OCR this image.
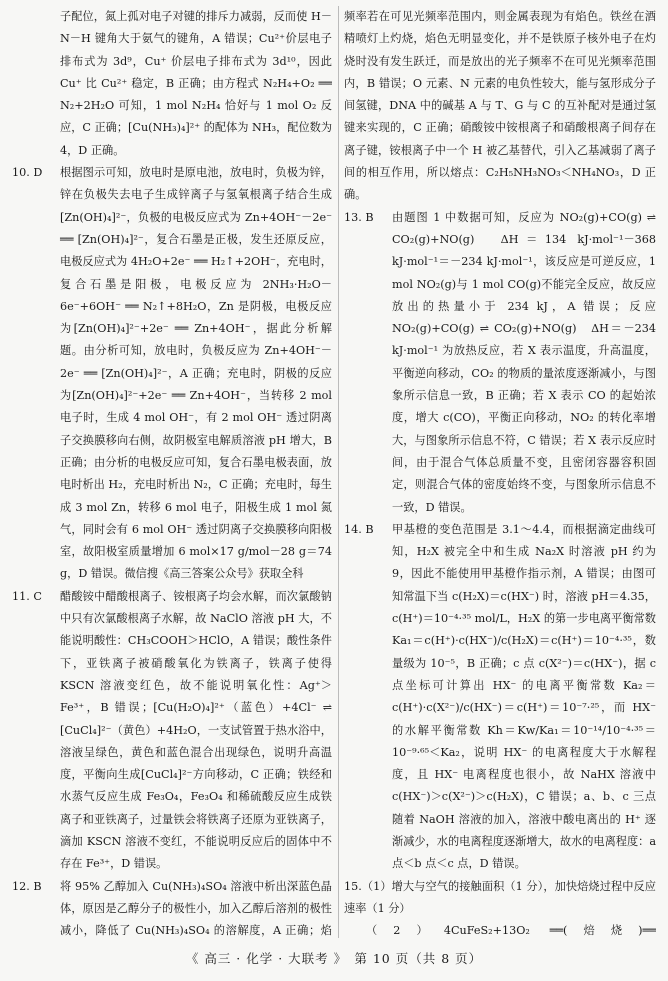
子配位，氮上孤对电子对键的排斥力减弱，反而使 H－N－H 键角大于氨气的键角，A 错误；Cu²⁺价层电子排布式为 3d⁹，Cu⁺ 价层电子排布式为 3d¹⁰，因此 Cu⁺ 比 Cu²⁺ 稳定，B 正确；由方程式 N₂H₄+O₂ ══ N₂+2H₂O 可知，1 mol N₂H₄ 恰好与 1 mol O₂ 反应，C 正确；[Cu(NH₃)₄]²⁺ 的配体为 NH₃，配位数为 4，D 正确。
10. D	根据图示可知，放电时是原电池，放电时，负极为锌，锌在负极失去电子生成锌离子与氢氧根离子结合生成[Zn(OH)₄]²⁻，负极的电极反应式为 Zn+4OH⁻－2e⁻ ══ [Zn(OH)₄]²⁻，复合石墨是正极，发生还原反应，电极反应式为 4H₂O+2e⁻ ══ H₂↑+2OH⁻，充电时，复合石墨是阳极，电极反应为 2NH₃·H₂O－6e⁻+6OH⁻ ══ N₂↑+8H₂O，Zn 是阴极，电极反应为[Zn(OH)₄]²⁻+2e⁻ ══ Zn+4OH⁻，据此分析解题。由分析可知，放电时，负极反应为 Zn+4OH⁻－2e⁻ ══ [Zn(OH)₄]²⁻，A 正确；充电时，阴极的反应为[Zn(OH)₄]²⁻+2e⁻ ══ Zn+4OH⁻，当转移 2 mol 电子时，生成 4 mol OH⁻，有 2 mol OH⁻ 透过阴离子交换膜移向右侧，故阴极室电解质溶液 pH 增大，B 正确；由分析的电极反应可知，复合石墨电极表面，放电时析出 H₂，充电时析出 N₂，C 正确；充电时，每生成 3 mol Zn，转移 6 mol 电子，阳极生成 1 mol 氮气，同时会有 6 mol OH⁻ 透过阴离子交换膜移向阳极室，故阳极室质量增加 6 mol×17 g/mol－28 g＝74 g，D 错误。微信搜《高三答案公众号》获取全科
11. C	醋酸铵中醋酸根离子、铵根离子均会水解，而次氯酸钠中只有次氯酸根离子水解，故 NaClO 溶液 pH 大，不能说明酸性：CH₃COOH＞HClO，A 错误；酸性条件下，亚铁离子被硝酸氧化为铁离子，铁离子使得 KSCN 溶液变红色，故不能说明氧化性：Ag⁺＞Fe³⁺，B 错误；[Cu(H₂O)₄]²⁺（蓝色）+4Cl⁻ ⇌ [CuCl₄]²⁻（黄色）+4H₂O，一支试管置于热水浴中，溶液呈绿色，黄色和蓝色混合出现绿色，说明升高温度，平衡向生成[CuCl₄]²⁻方向移动，C 正确；铁经和水蒸气反应生成 Fe₃O₄，Fe₃O₄ 和稀硫酸反应生成铁离子和亚铁离子，过量铁会将铁离子还原为亚铁离子，滴加 KSCN 溶液不变红，不能说明反应后的固体中不存在 Fe³⁺，D 错误。
12. B	将 95% 乙醇加入 Cu(NH₃)₄SO₄ 溶液中析出深蓝色晶体，原因是乙醇分子的极性小，加入乙醇后溶剂的极性减小，降低了 Cu(NH₃)₄SO₄ 的溶解度，A 正确；焰
频率若在可见光频率范围内，则金属表现为有焰色。铁丝在酒精喷灯上灼烧，焰色无明显变化，并不是铁原子核外电子在灼烧时没有发生跃迁，而是放出的光子频率不在可见光频率范围内，B 错误；O 元素、N 元素的电负性较大，能与氢形成分子间氢键，DNA 中的碱基 A 与 T、G 与 C 的互补配对是通过氢键来实现的，C 正确；硝酸铵中铵根离子和硝酸根离子间存在离子键，铵根离子中一个 H 被乙基替代，引入乙基减弱了离子间的相互作用，所以熔点：C₂H₅NH₃NO₃＜NH₄NO₃，D 正确。
13. B	由题图 1 中数据可知，反应为 NO₂(g)+CO(g) ⇌ CO₂(g)+NO(g)　ΔH＝134 kJ·mol⁻¹－368 kJ·mol⁻¹＝－234 kJ·mol⁻¹，该反应是可逆反应，1 mol NO₂(g)与 1 mol CO(g)不能完全反应，故反应放出的热量小于 234 kJ，A 错误；反应 NO₂(g)+CO(g) ⇌ CO₂(g)+NO(g)　ΔH＝－234 kJ·mol⁻¹ 为放热反应，若 X 表示温度，升高温度，平衡逆向移动，CO₂ 的物质的量浓度逐渐减小，与图象所示信息一致，B 正确；若 X 表示 CO 的起始浓度，增大 c(CO)，平衡正向移动，NO₂ 的转化率增大，与图象所示信息不符，C 错误；若 X 表示反应时间，由于混合气体总质量不变，且密闭容器容积固定，则混合气体的密度始终不变，与图象所示信息不一致，D 错误。
14. B	甲基橙的变色范围是 3.1～4.4，而根据滴定曲线可知，H₂X 被完全中和生成 Na₂X 时溶液 pH 约为 9，因此不能使用甲基橙作指示剂，A 错误；由图可知常温下当 c(H₂X)＝c(HX⁻) 时，溶液 pH＝4.35，c(H⁺)＝10⁻⁴·³⁵ mol/L，H₂X 的第一步电离平衡常数 Ka₁＝c(H⁺)·c(HX⁻)/c(H₂X)＝c(H⁺)＝10⁻⁴·³⁵，数量级为 10⁻⁵，B 正确；c 点 c(X²⁻)＝c(HX⁻)，据 c 点坐标可计算出 HX⁻ 的电离平衡常数 Ka₂＝c(H⁺)·c(X²⁻)/c(HX⁻)＝c(H⁺)＝10⁻⁷·²⁵，而 HX⁻ 的水解平衡常数 Kh＝Kw/Ka₁＝10⁻¹⁴/10⁻⁴·³⁵＝10⁻⁹·⁶⁵＜Ka₂，说明 HX⁻ 的电离程度大于水解程度，且 HX⁻ 电离程度也很小，故 NaHX 溶液中 c(HX⁻)＞c(X²⁻)＞c(H₂X)，C 错误；a、b、c 三点随着 NaOH 溶液的加入，溶液中酸电离出的 H⁺ 逐渐减少，水的电离程度逐渐增大，故水的电离程度：a 点＜b 点＜c 点，D 错误。
15.（1）增大与空气的接触面积（1 分），加快焙烧过程中反应速率（1 分）
（2）4CuFeS₂+13O₂ ══(焙烧)══
《 高三 · 化学 · 大联考 》　第 10 页（共 8 页）
